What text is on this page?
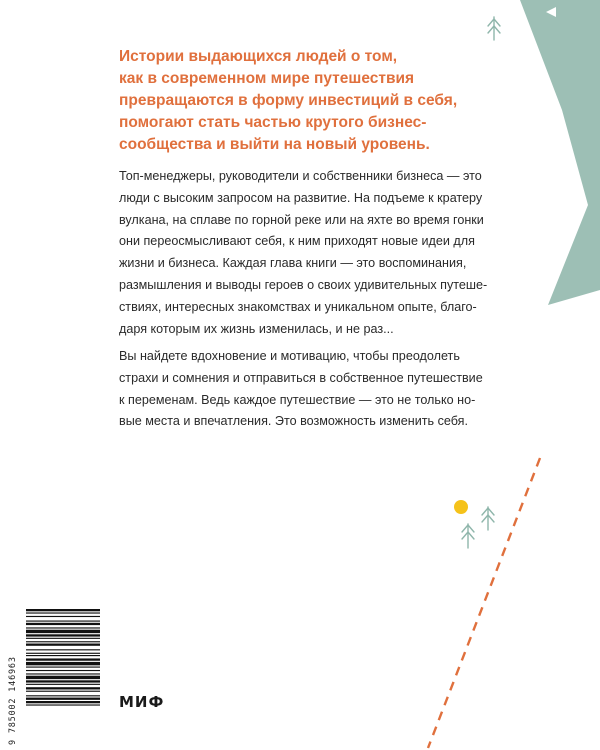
Истории выдающихся людей о том,
как в современном мире путешествия
превращаются в форму инвестиций в себя,
помогают стать частью крутого бизнес-
сообщества и выйти на новый уровень.

Топ-менеджеры, руководители и собственники бизнеса — это
люди с высоким запросом на развитие. На подъеме к кратеру
вулкана, на сплаве по горной реке или на яхте во время гонки
они переосмысливают себя, к ним приходят новые идеи для
жизни и бизнеса. Каждая глава книги — это воспоминания,
размышления и выводы героев о своих удивительных путеше-
ствиях, интересных знакомствах и уникальном опыте, благо-
даря которым их жизнь изменилась, и не раз...

Вы найдете вдохновение и мотивацию, чтобы преодолеть
страхи и сомнения и отправиться в собственное путешествие
к переменам. Ведь каждое путешествие — это не только но-
вые места и впечатления. Это возможность изменить себя.

9 785002 146963	МИФ
